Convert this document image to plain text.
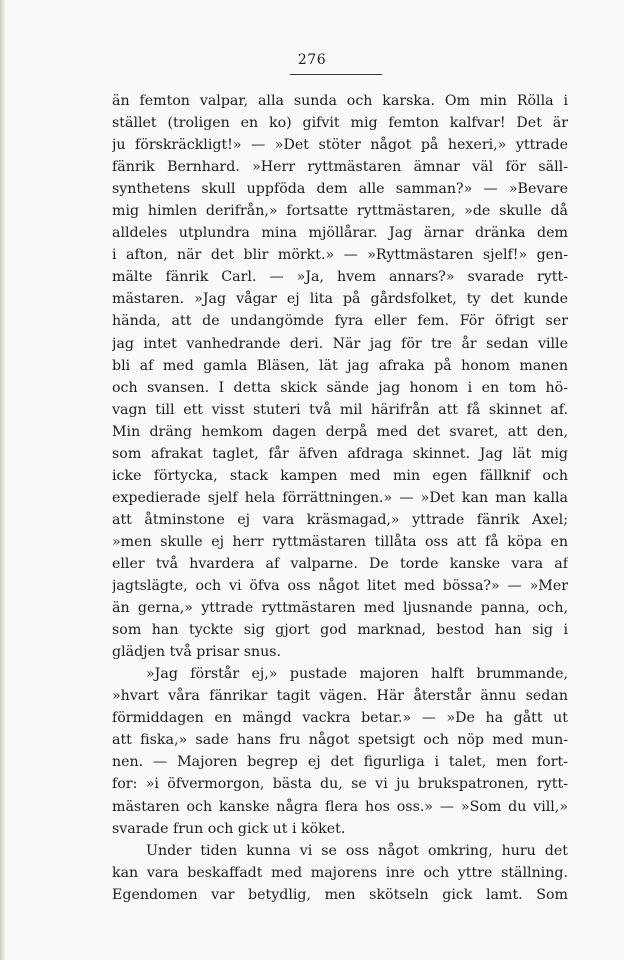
276
än femton valpar, alla sunda och karska. Om min Rölla i
stället (troligen en ko) gifvit mig femton kalfvar! Det är
ju förskräckligt!» — »Det stöter något på hexeri,» yttrade
fänrik Bernhard. »Herr ryttmästaren ämnar väl för säll-
synthetens skull uppföda dem alle samman?» — »Bevare
mig himlen derifrån,» fortsatte ryttmästaren, »de skulle då
alldeles utplundra mina mjöllårar. Jag ärnar dränka dem
i afton, när det blir mörkt.» — »Ryttmästaren sjelf!» gen-
mälte fänrik Carl. — »Ja, hvem annars?» svarade rytt-
mästaren. »Jag vågar ej lita på gårdsfolket, ty det kunde
hända, att de undangömde fyra eller fem. För öfrigt ser
jag intet vanhedrande deri. När jag för tre år sedan ville
bli af med gamla Bläsen, lät jag afraka på honom manen
och svansen. I detta skick sände jag honom i en tom hö-
vagn till ett visst stuteri två mil härifrån att få skinnet af.
Min dräng hemkom dagen derpå med det svaret, att den,
som afrakat taglet, får äfven afdraga skinnet. Jag lät mig
icke förtycka, stack kampen med min egen fällknif och
expedierade sjelf hela förrättningen.» — »Det kan man kalla
att åtminstone ej vara kräsmagad,» yttrade fänrik Axel;
»men skulle ej herr ryttmästaren tillåta oss att få köpa en
eller två hvardera af valparne. De torde kanske vara af
jagtslägte, och vi öfva oss något litet med bössa?» — »Mer
än gerna,» yttrade ryttmästaren med ljusnande panna, och,
som han tyckte sig gjort god marknad, bestod han sig i
glädjen två prisar snus.
»Jag förstår ej,» pustade majoren halft brummande,
»hvart våra fänrikar tagit vägen. Här återstår ännu sedan
förmiddagen en mängd vackra betar.» — »De ha gått ut
att fiska,» sade hans fru något spetsigt och nöp med mun-
nen. — Majoren begrep ej det figurliga i talet, men fort-
for: »i öfvermorgon, bästa du, se vi ju brukspatronen, rytt-
mästaren och kanske några flera hos oss.» — »Som du vill,»
svarade frun och gick ut i köket.
Under tiden kunna vi se oss något omkring, huru det
kan vara beskaffadt med majorens inre och yttre ställning.
Egendomen var betydlig, men skötseln gick lamt. Som
